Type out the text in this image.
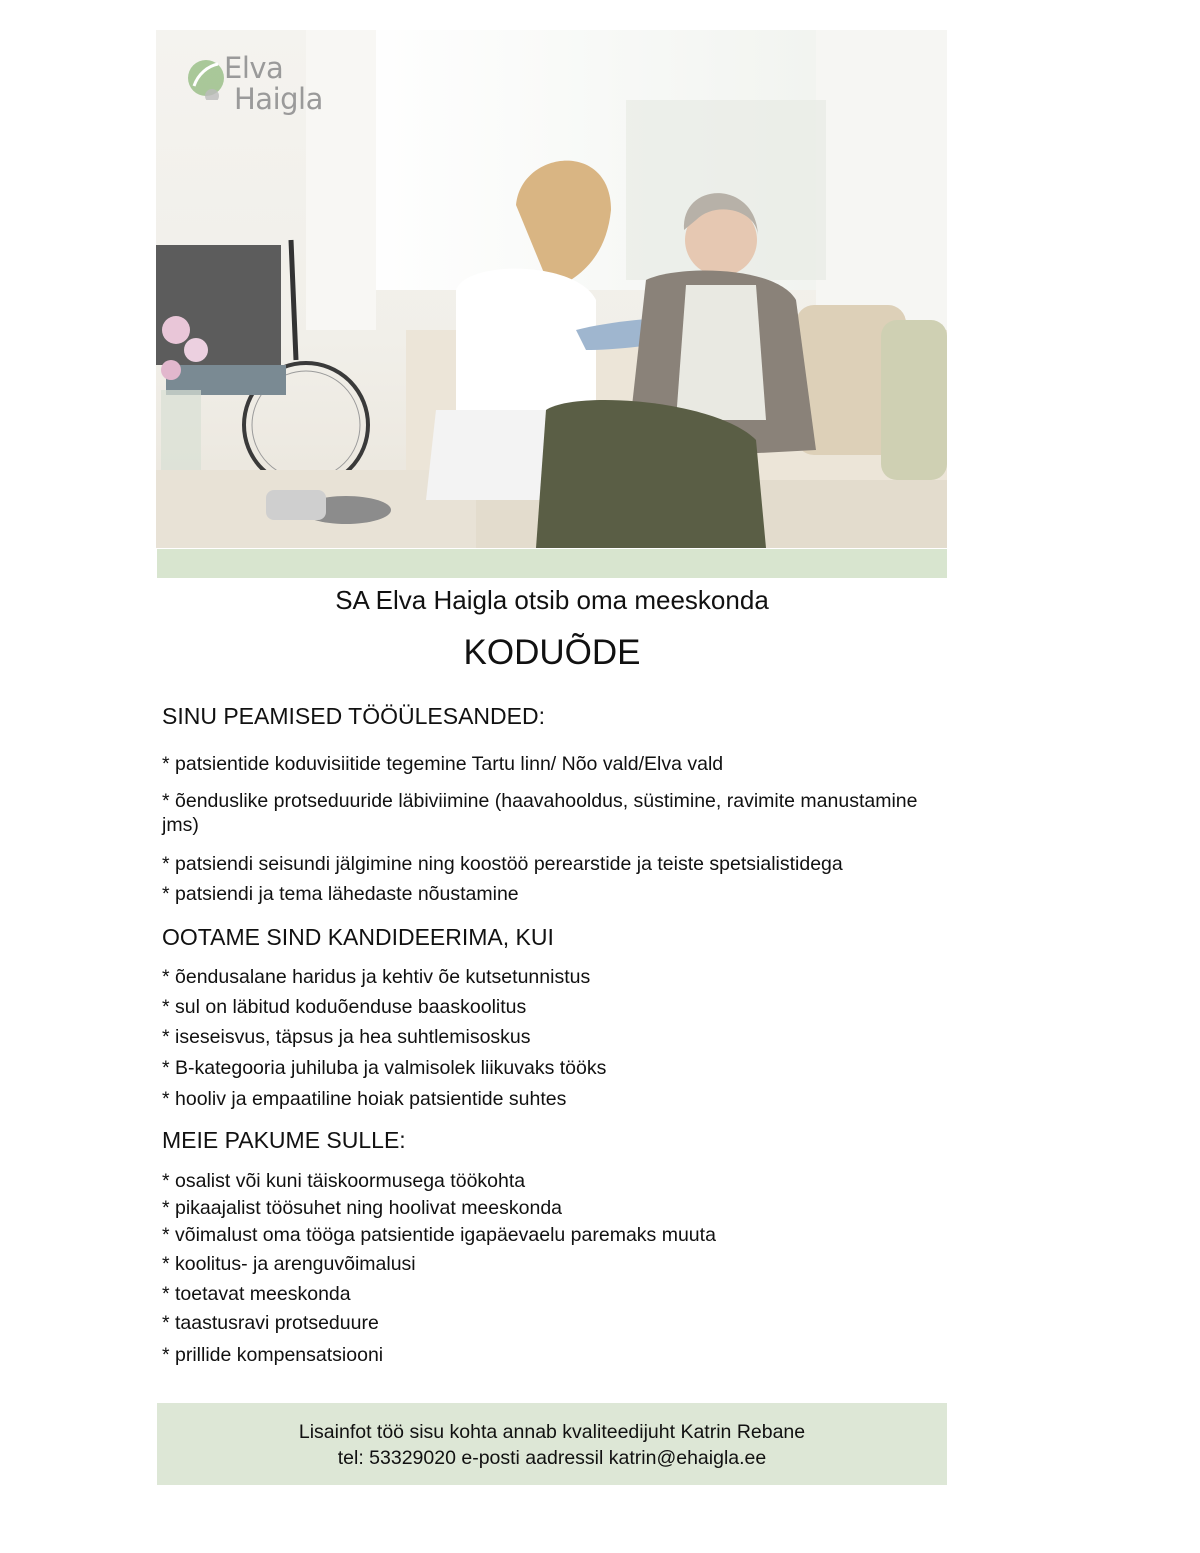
Elva
Haigla
SA Elva Haigla otsib oma meeskonda
KODUÕDE
SINU PEAMISED TÖÖÜLESANDED:
* patsientide koduvisiitide tegemine Tartu linn/ Nõo vald/Elva vald
* õenduslike protseduuride läbiviimine (haavahooldus, süstimine, ravimite manustamine jms)
* patsiendi seisundi jälgimine ning koostöö perearstide ja teiste spetsialistidega
* patsiendi ja tema lähedaste nõustamine
OOTAME SIND KANDIDEERIMA, KUI
* õendusalane haridus ja kehtiv õe kutsetunnistus
* sul on läbitud koduõenduse baaskoolitus
* iseseisvus, täpsus ja hea suhtlemisoskus
* B-kategooria juhiluba ja valmisolek liikuvaks tööks
* hooliv ja empaatiline hoiak patsientide suhtes
MEIE PAKUME SULLE:
* osalist või kuni täiskoormusega töökohta
* pikaajalist töösuhet ning hoolivat meeskonda
* võimalust oma tööga patsientide igapäevaelu paremaks muuta
* koolitus- ja arenguvõimalusi
* toetavat meeskonda
* taastusravi protseduure
* prillide kompensatsiooni
Lisainfot töö sisu kohta annab kvaliteedijuht Katrin Rebane
tel: 53329020 e-posti aadressil katrin@ehaigla.ee
